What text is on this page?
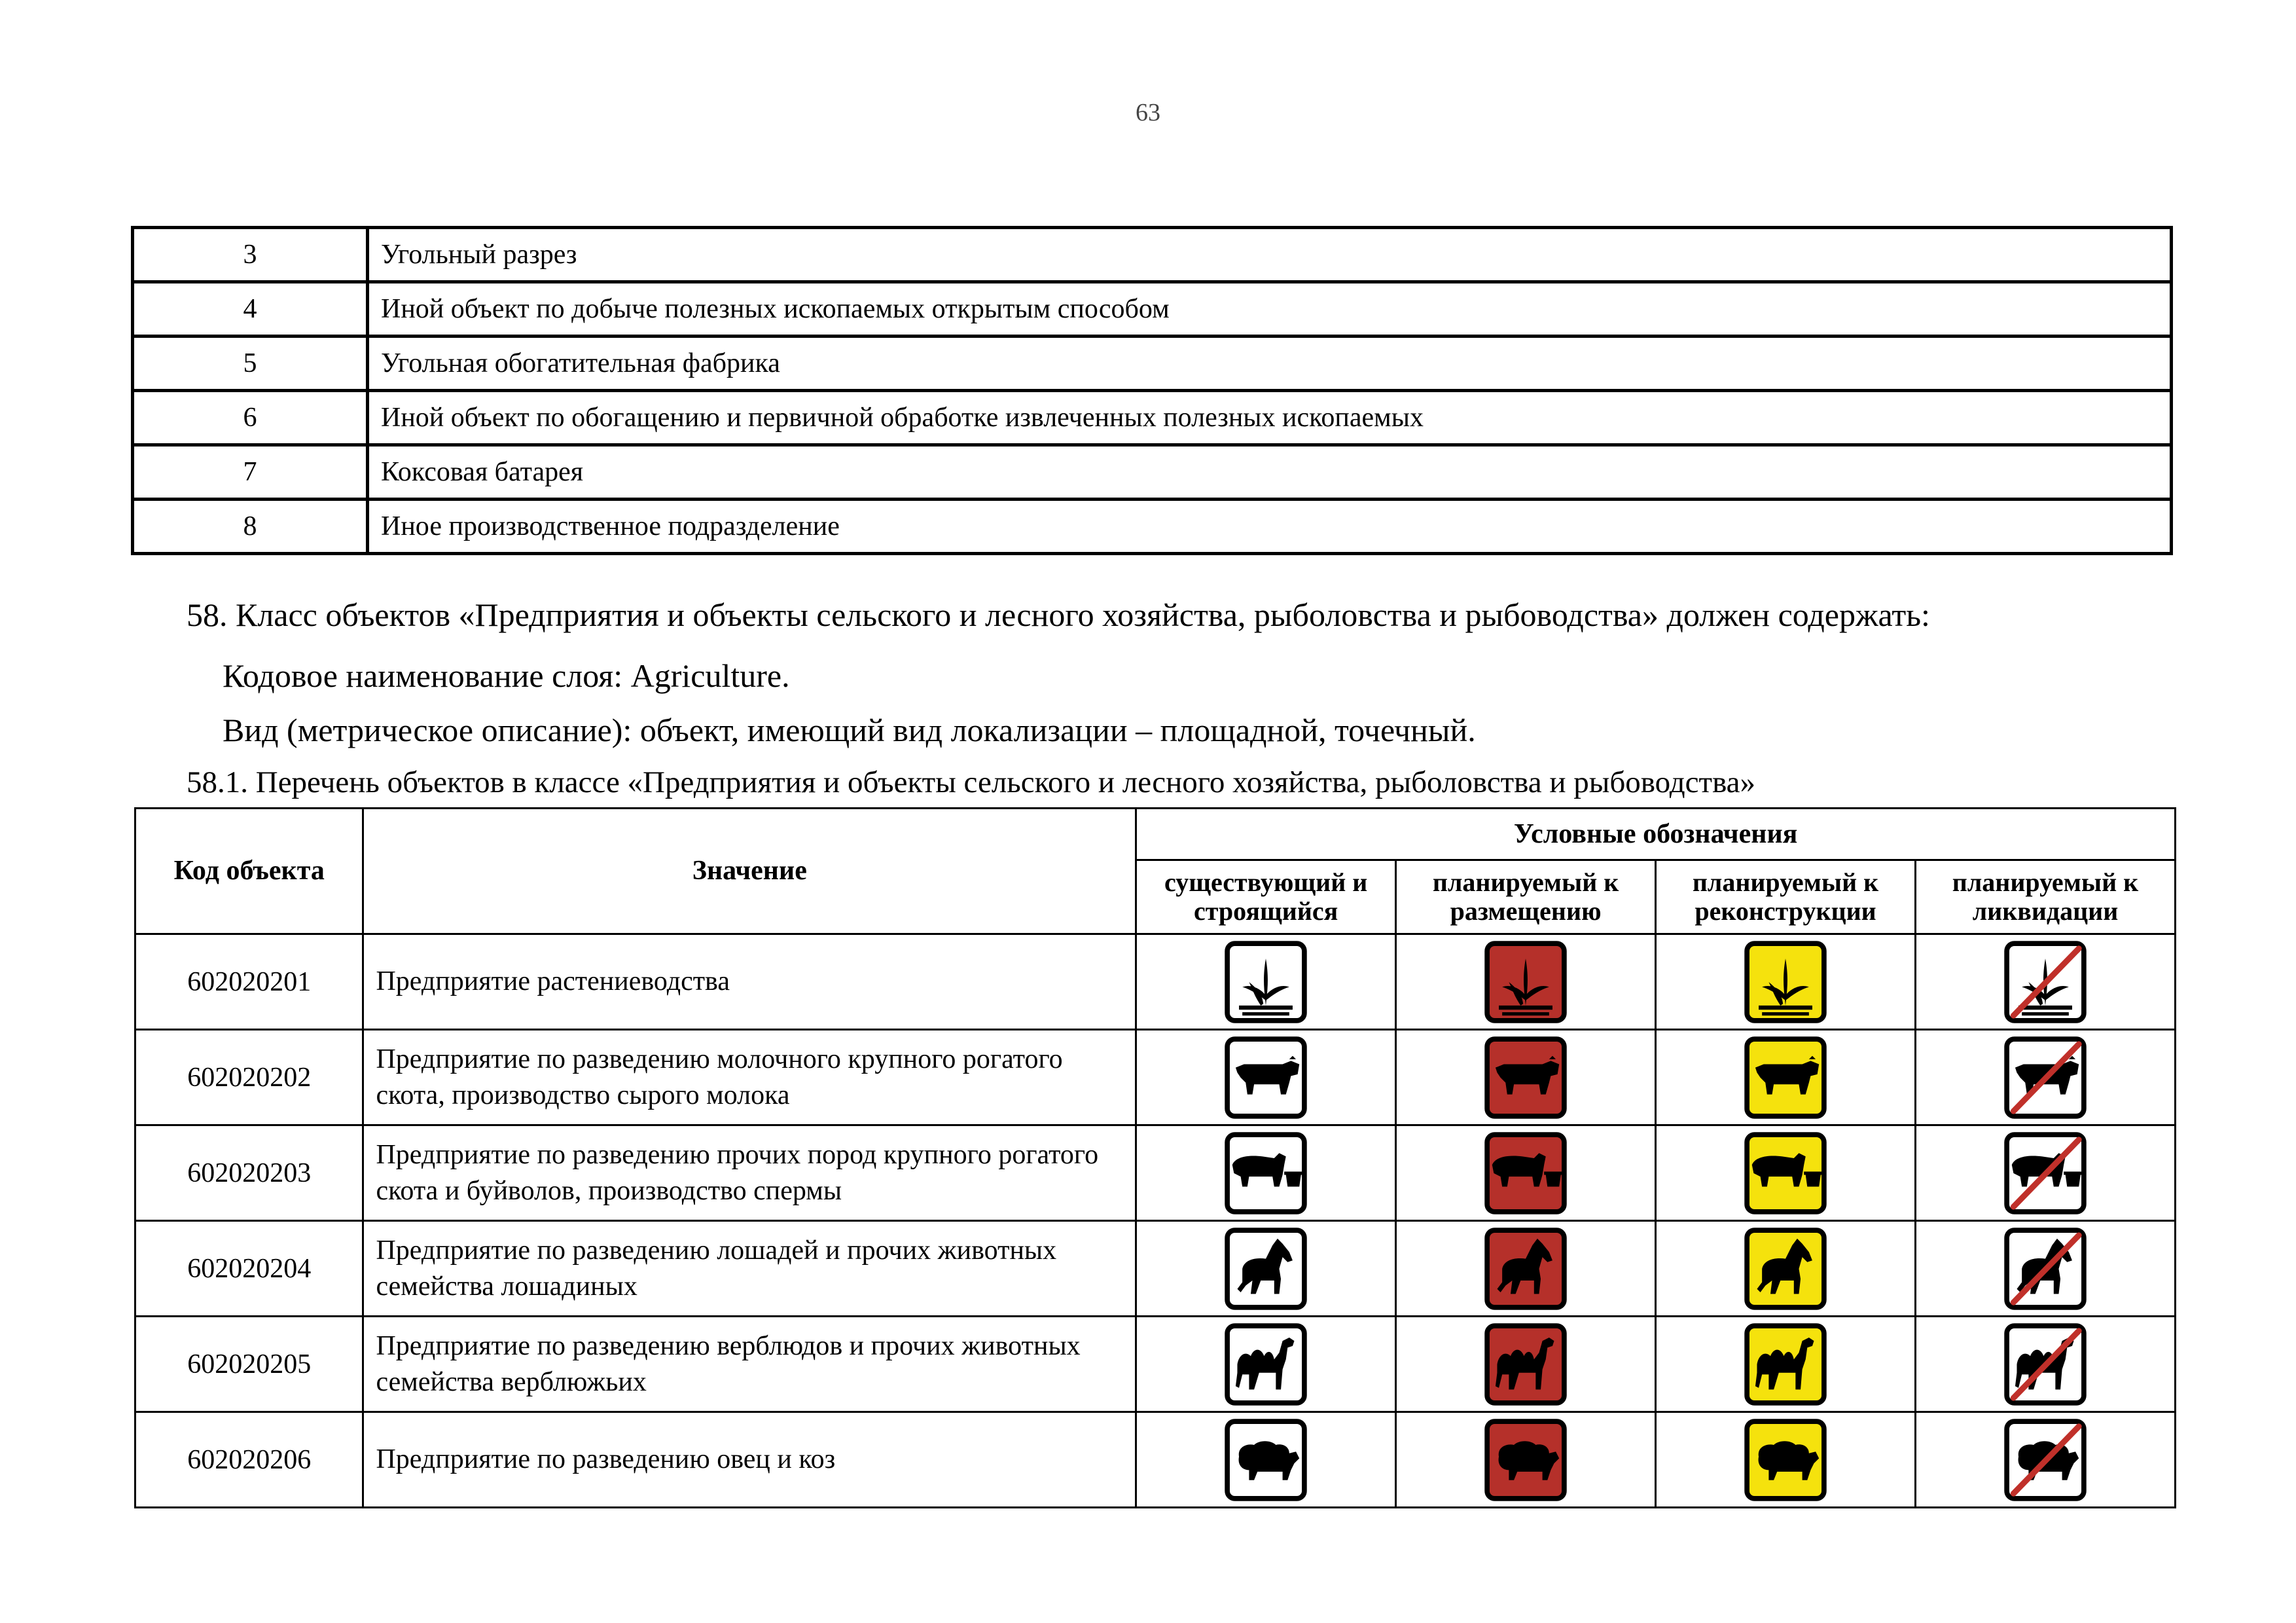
63
3	Угольный разрез
4	Иной объект по добыче полезных ископаемых открытым способом
5	Угольная обогатительная фабрика
6	Иной объект по обогащению и первичной обработке извлеченных полезных ископаемых
7	Коксовая батарея
8	Иное производственное подразделение
58. Класс объектов «Предприятия и объекты сельского и лесного хозяйства, рыболовства и рыбоводства» должен содержать:
Кодовое наименование слоя: Agriculture.
Вид (метрическое описание): объект, имеющий вид локализации – площадной, точечный.
58.1. Перечень объектов в классе «Предприятия и объекты сельского и лесного хозяйства, рыболовства и рыбоводства»
Код объекта	Значение	Условные обозначения			
		существующий и строящийся	планируемый к размещению	планируемый к реконструкции	планируемый к ликвидации
602020201	Предприятие растениеводства	

602020202	Предприятие по разведению молочного крупного рогатого скота, производство сырого молока	

602020203	Предприятие по разведению прочих пород крупного рогатого скота и буйволов, производство спермы	

602020204	Предприятие по разведению лошадей и прочих животных семейства лошадиных	

602020205	Предприятие по разведению верблюдов и прочих животных семейства верблюжьих	

602020206	Предприятие по разведению овец и коз	
